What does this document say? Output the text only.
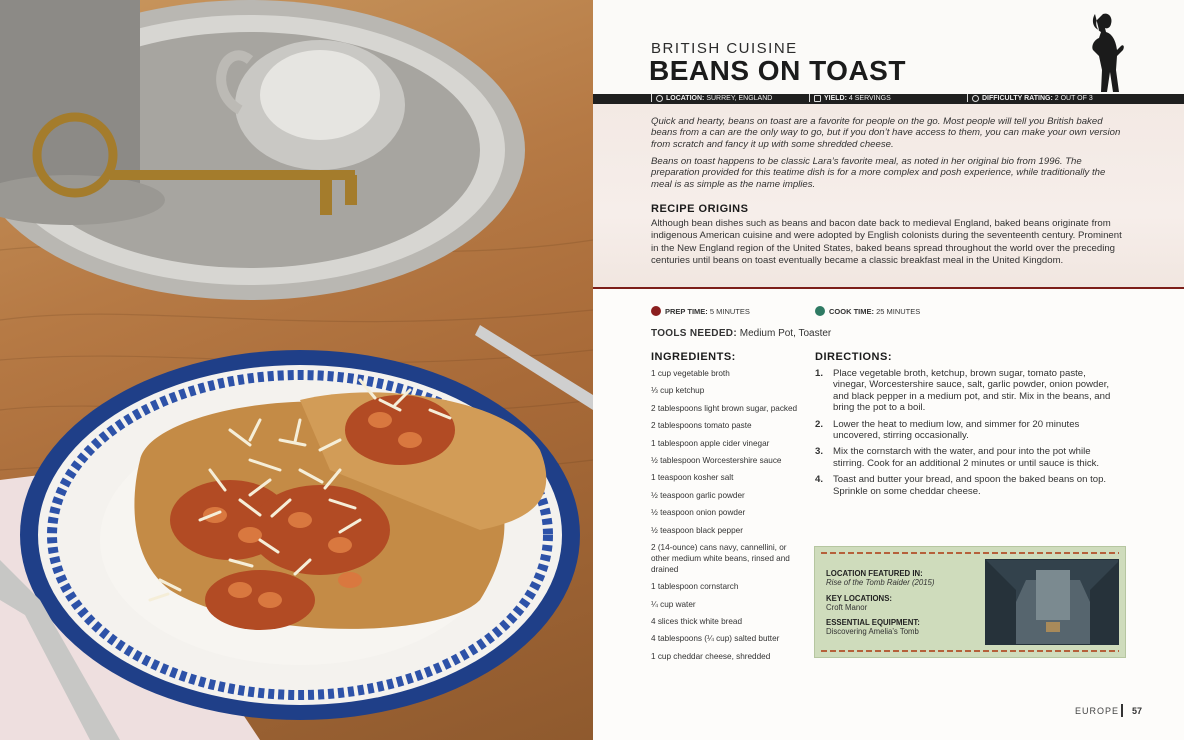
BRITISH CUISINE
BEANS ON TOAST
LOCATION: SURREY, ENGLAND	YIELD: 4 SERVINGS	DIFFICULTY RATING: 2 OUT OF 3

Quick and hearty, beans on toast are a favorite for people on the go. Most people will tell you British baked beans from a can are the only way to go, but if you don’t have access to them, you can make your own version from scratch and fancy it up with some shredded cheese.

Beans on toast happens to be classic Lara’s favorite meal, as noted in her original bio from 1996. The preparation provided for this teatime dish is for a more complex and posh experience, while traditionally the meal is as simple as the name implies.

RECIPE ORIGINS

Although bean dishes such as beans and bacon date back to medieval England, baked beans originate from indigenous American cuisine and were adopted by English colonists during the seventeenth century. Prominent in the New England region of the United States, baked beans spread throughout the world over the preceding centuries until beans on toast eventually became a classic breakfast meal in the United Kingdom.

PREP TIME: 5 MINUTES	COOK TIME: 25 MINUTES
TOOLS NEEDED: Medium Pot, Toaster
INGREDIENTS:
1 cup vegetable broth
⅓ cup ketchup
2 tablespoons light brown sugar, packed
2 tablespoons tomato paste
1 tablespoon apple cider vinegar
½ tablespoon Worcestershire sauce
1 teaspoon kosher salt
½ teaspoon garlic powder
½ teaspoon onion powder
½ teaspoon black pepper
2 (14-ounce) cans navy, cannellini, or other medium white beans, rinsed and drained
1 tablespoon cornstarch
¼ cup water
4 slices thick white bread
4 tablespoons (¼ cup) salted butter
1 cup cheddar cheese, shredded
DIRECTIONS:
1. Place vegetable broth, ketchup, brown sugar, tomato paste, vinegar, Worcestershire sauce, salt, garlic powder, onion powder, and black pepper in a medium pot, and stir. Mix in the beans, and bring the pot to a boil.
2. Lower the heat to medium low, and simmer for 20 minutes uncovered, stirring occasionally.
3. Mix the cornstarch with the water, and pour into the pot while stirring. Cook for an additional 2 minutes or until sauce is thick.
4. Toast and butter your bread, and spoon the baked beans on top. Sprinkle on some cheddar cheese.
LOCATION FEATURED IN:
Rise of the Tomb Raider (2015)
KEY LOCATIONS:
Croft Manor
ESSENTIAL EQUIPMENT:
Discovering Amelia’s Tomb
EUROPE 57
